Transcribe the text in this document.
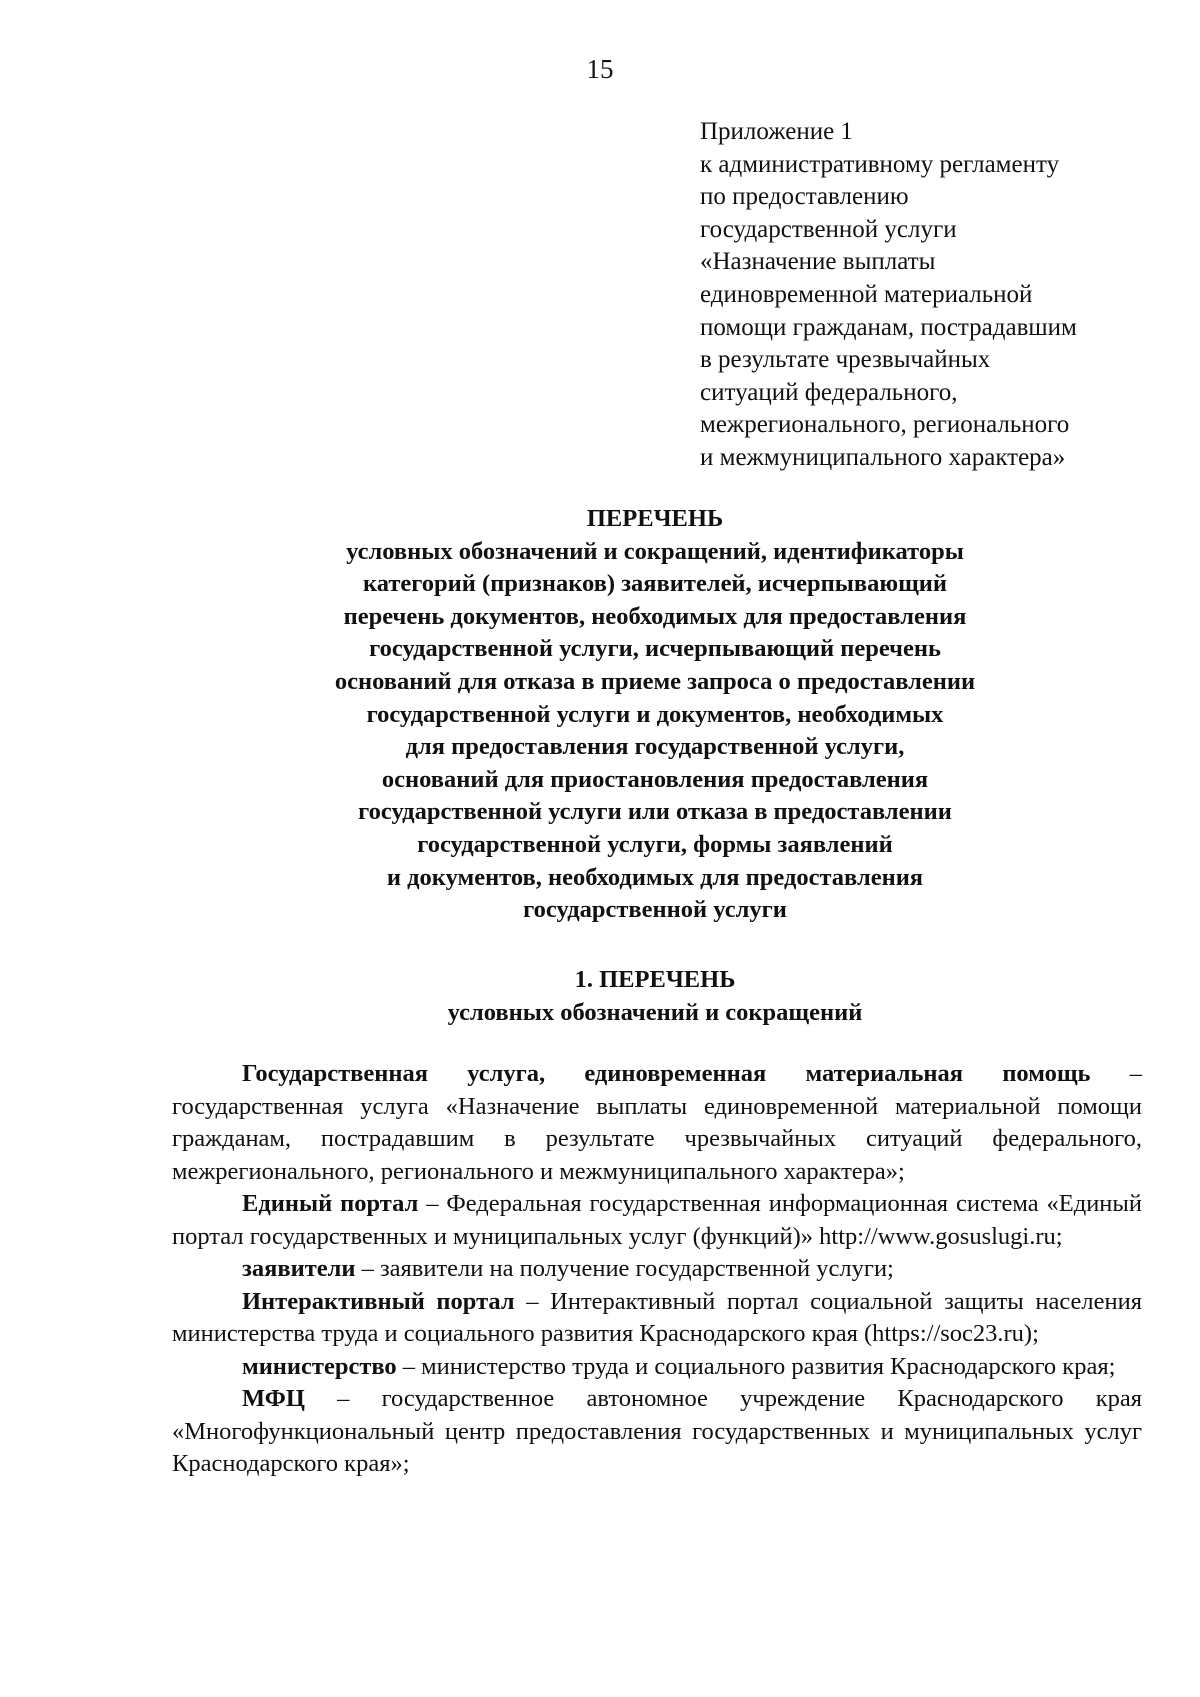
15
Приложение 1
к административному регламенту
по предоставлению
государственной услуги
«Назначение выплаты
единовременной материальной
помощи гражданам, пострадавшим
в результате чрезвычайных
ситуаций федерального,
межрегионального, регионального
и межмуниципального характера»
ПЕРЕЧЕНЬ
условных обозначений и сокращений, идентификаторы
категорий (признаков) заявителей, исчерпывающий
перечень документов, необходимых для предоставления
государственной услуги, исчерпывающий перечень
оснований для отказа в приеме запроса о предоставлении
государственной услуги и документов, необходимых
для предоставления государственной услуги,
оснований для приостановления предоставления
государственной услуги или отказа в предоставлении
государственной услуги, формы заявлений
и документов, необходимых для предоставления
государственной услуги
1. ПЕРЕЧЕНЬ
условных обозначений и сокращений

Государственная услуга, единовременная материальная помощь – государственная услуга «Назначение выплаты единовременной материальной помощи гражданам, пострадавшим в результате чрезвычайных ситуаций федерального, межрегионального, регионального и межмуниципального характера»;

Единый портал – Федеральная государственная информационная система «Единый портал государственных и муниципальных услуг (функций)» http://www.gosuslugi.ru;

заявители – заявители на получение государственной услуги;

Интерактивный портал – Интерактивный портал социальной защиты населения министерства труда и социального развития Краснодарского края (https://soc23.ru);

министерство – министерство труда и социального развития Краснодарского края;

МФЦ – государственное автономное учреждение Краснодарского края «Многофункциональный центр предоставления государственных и муниципальных услуг Краснодарского края»;
